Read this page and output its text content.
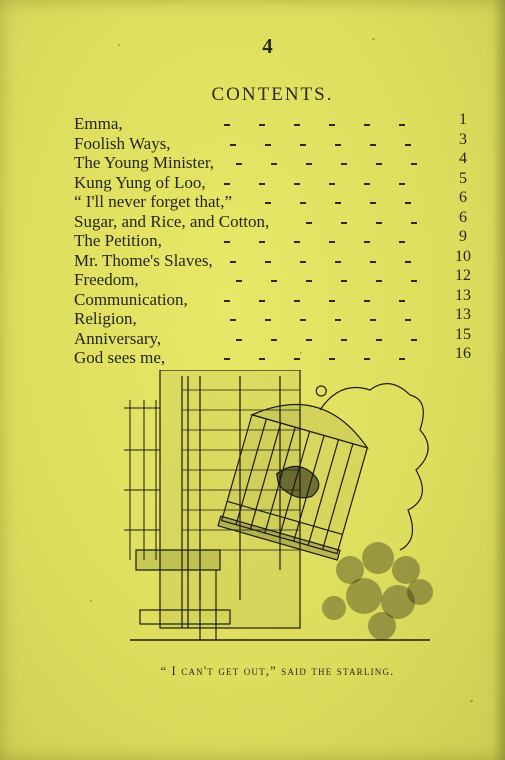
4
CONTENTS.
Emma,	1
Foolish Ways,	3
The Young Minister,	4
Kung Yung of Loo,	5
“ I'll never forget that,”	6
Sugar, and Rice, and Cotton,	6
The Petition,	9
Mr. Thome's Slaves,	10
Freedom,	12
Communication,	13
Religion,	13
Anniversary,	15
God sees me,	16
“ I can't get out,” said the starling.
